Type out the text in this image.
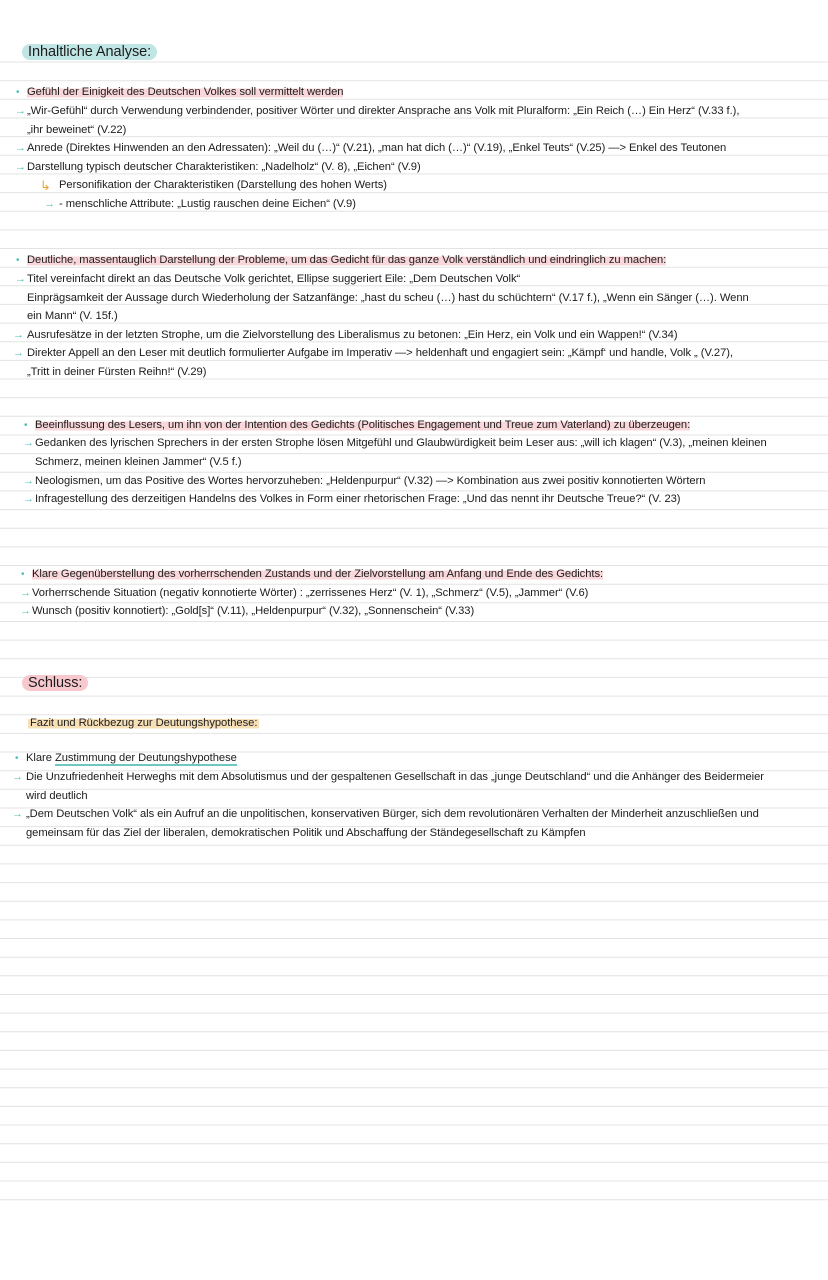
Inhaltliche Analyse:
• Gefühl der Einigkeit des Deutschen Volkes soll vermittelt werden
→ „Wir-Gefühl“ durch Verwendung verbindender, positiver Wörter und direkter Ansprache ans Volk mit Pluralform: „Ein Reich (…) Ein Herz“ (V.33 f.),
„ihr beweinet“ (V.22)
→ Anrede (Direktes Hinwenden an den Adressaten): „Weil du (…)“ (V.21), „man hat dich (…)“ (V.19), „Enkel Teuts“ (V.25) —> Enkel des Teutonen
→ Darstellung typisch deutscher Charakteristiken: „Nadelholz“ (V. 8), „Eichen“ (V.9)
↳ Personifikation der Charakteristiken (Darstellung des hohen Werts)
→ - menschliche Attribute: „Lustig rauschen deine Eichen“ (V.9)
• Deutliche, massentauglich Darstellung der Probleme, um das Gedicht für das ganze Volk verständlich und eindringlich zu machen:
→ Titel vereinfacht direkt an das Deutsche Volk gerichtet, Ellipse suggeriert Eile: „Dem Deutschen Volk“
Einprägsamkeit der Aussage durch Wiederholung der Satzanfänge: „hast du scheu (…) hast du schüchtern“ (V.17 f.), „Wenn ein Sänger (…). Wenn
ein Mann“ (V. 15f.)
→ Ausrufesätze in der letzten Strophe, um die Zielvorstellung des Liberalismus zu betonen: „Ein Herz, ein Volk und ein Wappen!“ (V.34)
→ Direkter Appell an den Leser mit deutlich formulierter Aufgabe im Imperativ —> heldenhaft und engagiert sein: „Kämpf‘ und handle, Volk „ (V.27),
„Tritt in deiner Fürsten Reihn!“ (V.29)
• Beeinflussung des Lesers, um ihn von der Intention des Gedichts (Politisches Engagement und Treue zum Vaterland) zu überzeugen:
→ Gedanken des lyrischen Sprechers in der ersten Strophe lösen Mitgefühl und Glaubwürdigkeit beim Leser aus: „will ich klagen“ (V.3), „meinen kleinen
Schmerz, meinen kleinen Jammer“ (V.5 f.)
→ Neologismen, um das Positive des Wortes hervorzuheben: „Heldenpurpur“ (V.32) —> Kombination aus zwei positiv konnotierten Wörtern
→ Infragestellung des derzeitigen Handelns des Volkes in Form einer rhetorischen Frage: „Und das nennt ihr Deutsche Treue?“ (V. 23)
• Klare Gegenüberstellung des vorherrschenden Zustands und der Zielvorstellung am Anfang und Ende des Gedichts:
→ Vorherrschende Situation (negativ konnotierte Wörter) : „zerrissenes Herz“ (V. 1), „Schmerz“ (V.5), „Jammer“ (V.6)
→ Wunsch (positiv konnotiert): „Gold[s]“ (V.11), „Heldenpurpur“ (V.32), „Sonnenschein“ (V.33)
Schluss:
Fazit und Rückbezug zur Deutungshypothese:
• Klare Zustimmung der Deutungshypothese
→ Die Unzufriedenheit Herweghs mit dem Absolutismus und der gespaltenen Gesellschaft in das „junge Deutschland“ und die Anhänger des Beidermeier
wird deutlich
→ „Dem Deutschen Volk“ als ein Aufruf an die unpolitischen, konservativen Bürger, sich dem revolutionären Verhalten der Minderheit anzuschließen und
gemeinsam für das Ziel der liberalen, demokratischen Politik und Abschaffung der Ständegesellschaft zu Kämpfen
